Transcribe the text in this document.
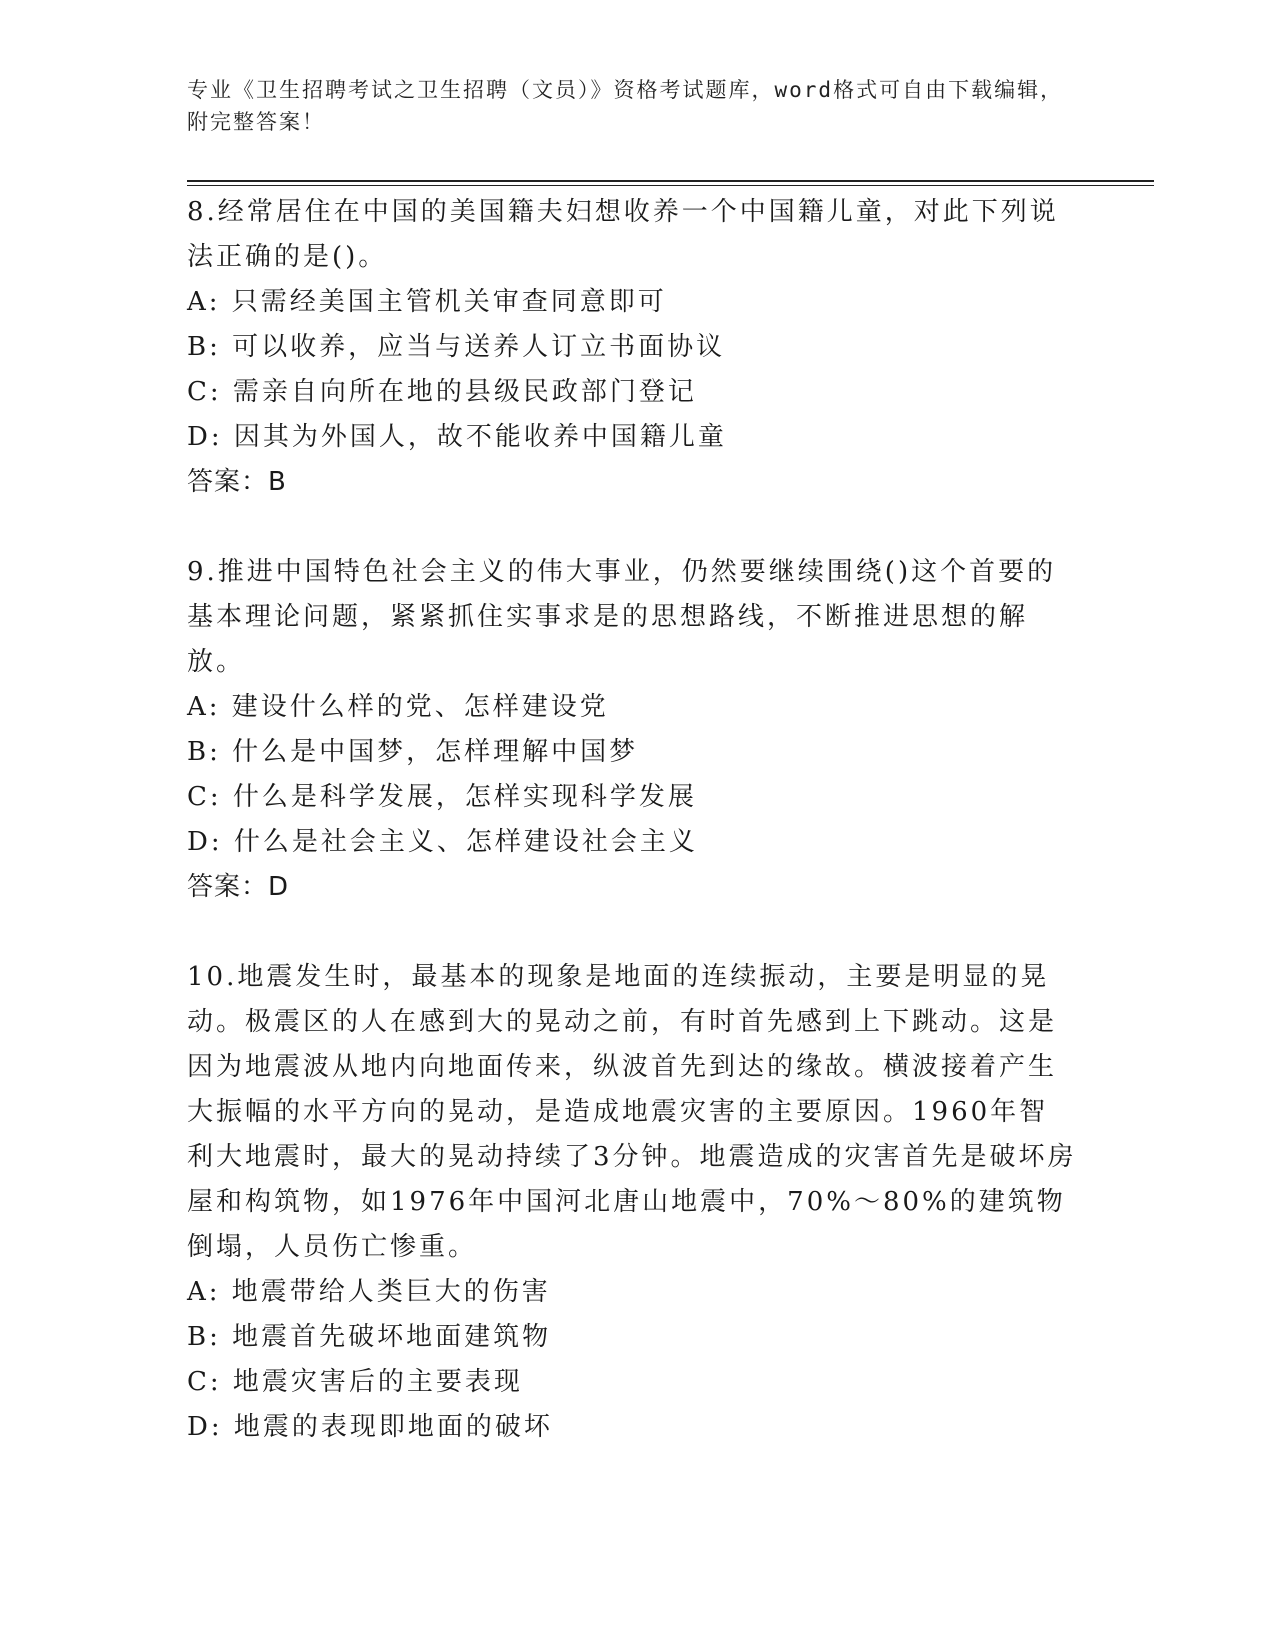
专业《卫生招聘考试之卫生招聘（文员）》资格考试题库，word格式可自由下载编辑，附完整答案！

8.经常居住在中国的美国籍夫妇想收养一个中国籍儿童，对此下列说法正确的是()。

A: 只需经美国主管机关审查同意即可

B: 可以收养，应当与送养人订立书面协议

C: 需亲自向所在地的县级民政部门登记

D: 因其为外国人，故不能收养中国籍儿童

答案：B

9.推进中国特色社会主义的伟大事业，仍然要继续围绕()这个首要的基本理论问题，紧紧抓住实事求是的思想路线，不断推进思想的解放。

A: 建设什么样的党、怎样建设党

B: 什么是中国梦，怎样理解中国梦

C: 什么是科学发展，怎样实现科学发展

D: 什么是社会主义、怎样建设社会主义

答案：D

10.地震发生时，最基本的现象是地面的连续振动，主要是明显的晃动。极震区的人在感到大的晃动之前，有时首先感到上下跳动。这是因为地震波从地内向地面传来，纵波首先到达的缘故。横波接着产生大振幅的水平方向的晃动，是造成地震灾害的主要原因。1960年智利大地震时，最大的晃动持续了3分钟。地震造成的灾害首先是破坏房屋和构筑物，如1976年中国河北唐山地震中，70%～80%的建筑物倒塌，人员伤亡惨重。

A: 地震带给人类巨大的伤害

B: 地震首先破坏地面建筑物

C: 地震灾害后的主要表现

D: 地震的表现即地面的破坏
